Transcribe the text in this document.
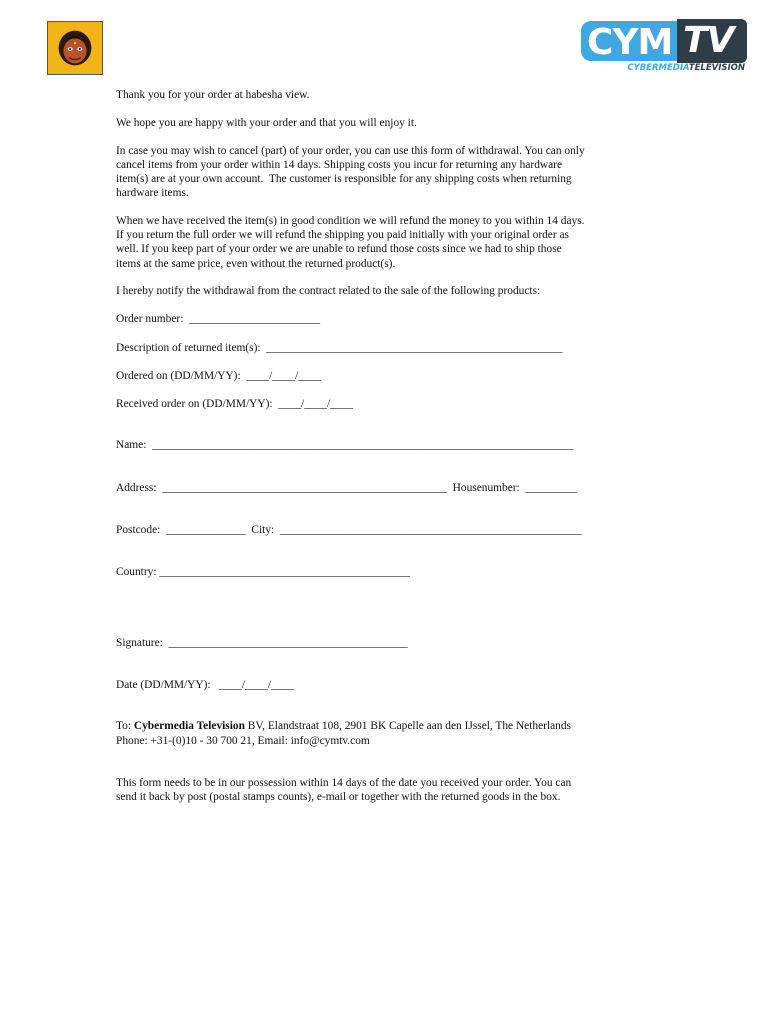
CYM TV
CYBERMEDIATELEVISION

Thank you for your order at habesha view.

We hope you are happy with your order and that you will enjoy it.

In case you may wish to cancel (part) of your order, you can use this form of withdrawal. You can only

cancel items from your order within 14 days. Shipping costs you incur for returning any hardware

item(s) are at your own account.  The customer is responsible for any shipping costs when returning

hardware items.

When we have received the item(s) in good condition we will refund the money to you within 14 days.

If you return the full order we will refund the shipping you paid initially with your original order as

well. If you keep part of your order we are unable to refund those costs since we had to ship those

items at the same price, even without the returned product(s).

I hereby notify the withdrawal from the contract related to the sale of the following products:

Order number:  _______________________

Description of returned item(s):  ____________________________________________________

Ordered on (DD/MM/YY):  ____/____/____

Received order on (DD/MM/YY):  ____/____/____

Name:  __________________________________________________________________________

Address:  __________________________________________________  Housenumber:  _________

Postcode:  ______________  City:  _____________________________________________________

Country: ____________________________________________

Signature:  __________________________________________

Date (DD/MM/YY):   ____/____/____

To: Cybermedia Television BV, Elandstraat 108, 2901 BK Capelle aan den IJssel, The Netherlands

Phone: +31-(0)10 - 30 700 21, Email: info@cymtv.com

This form needs to be in our possession within 14 days of the date you received your order. You can

send it back by post (postal stamps counts), e-mail or together with the returned goods in the box.
